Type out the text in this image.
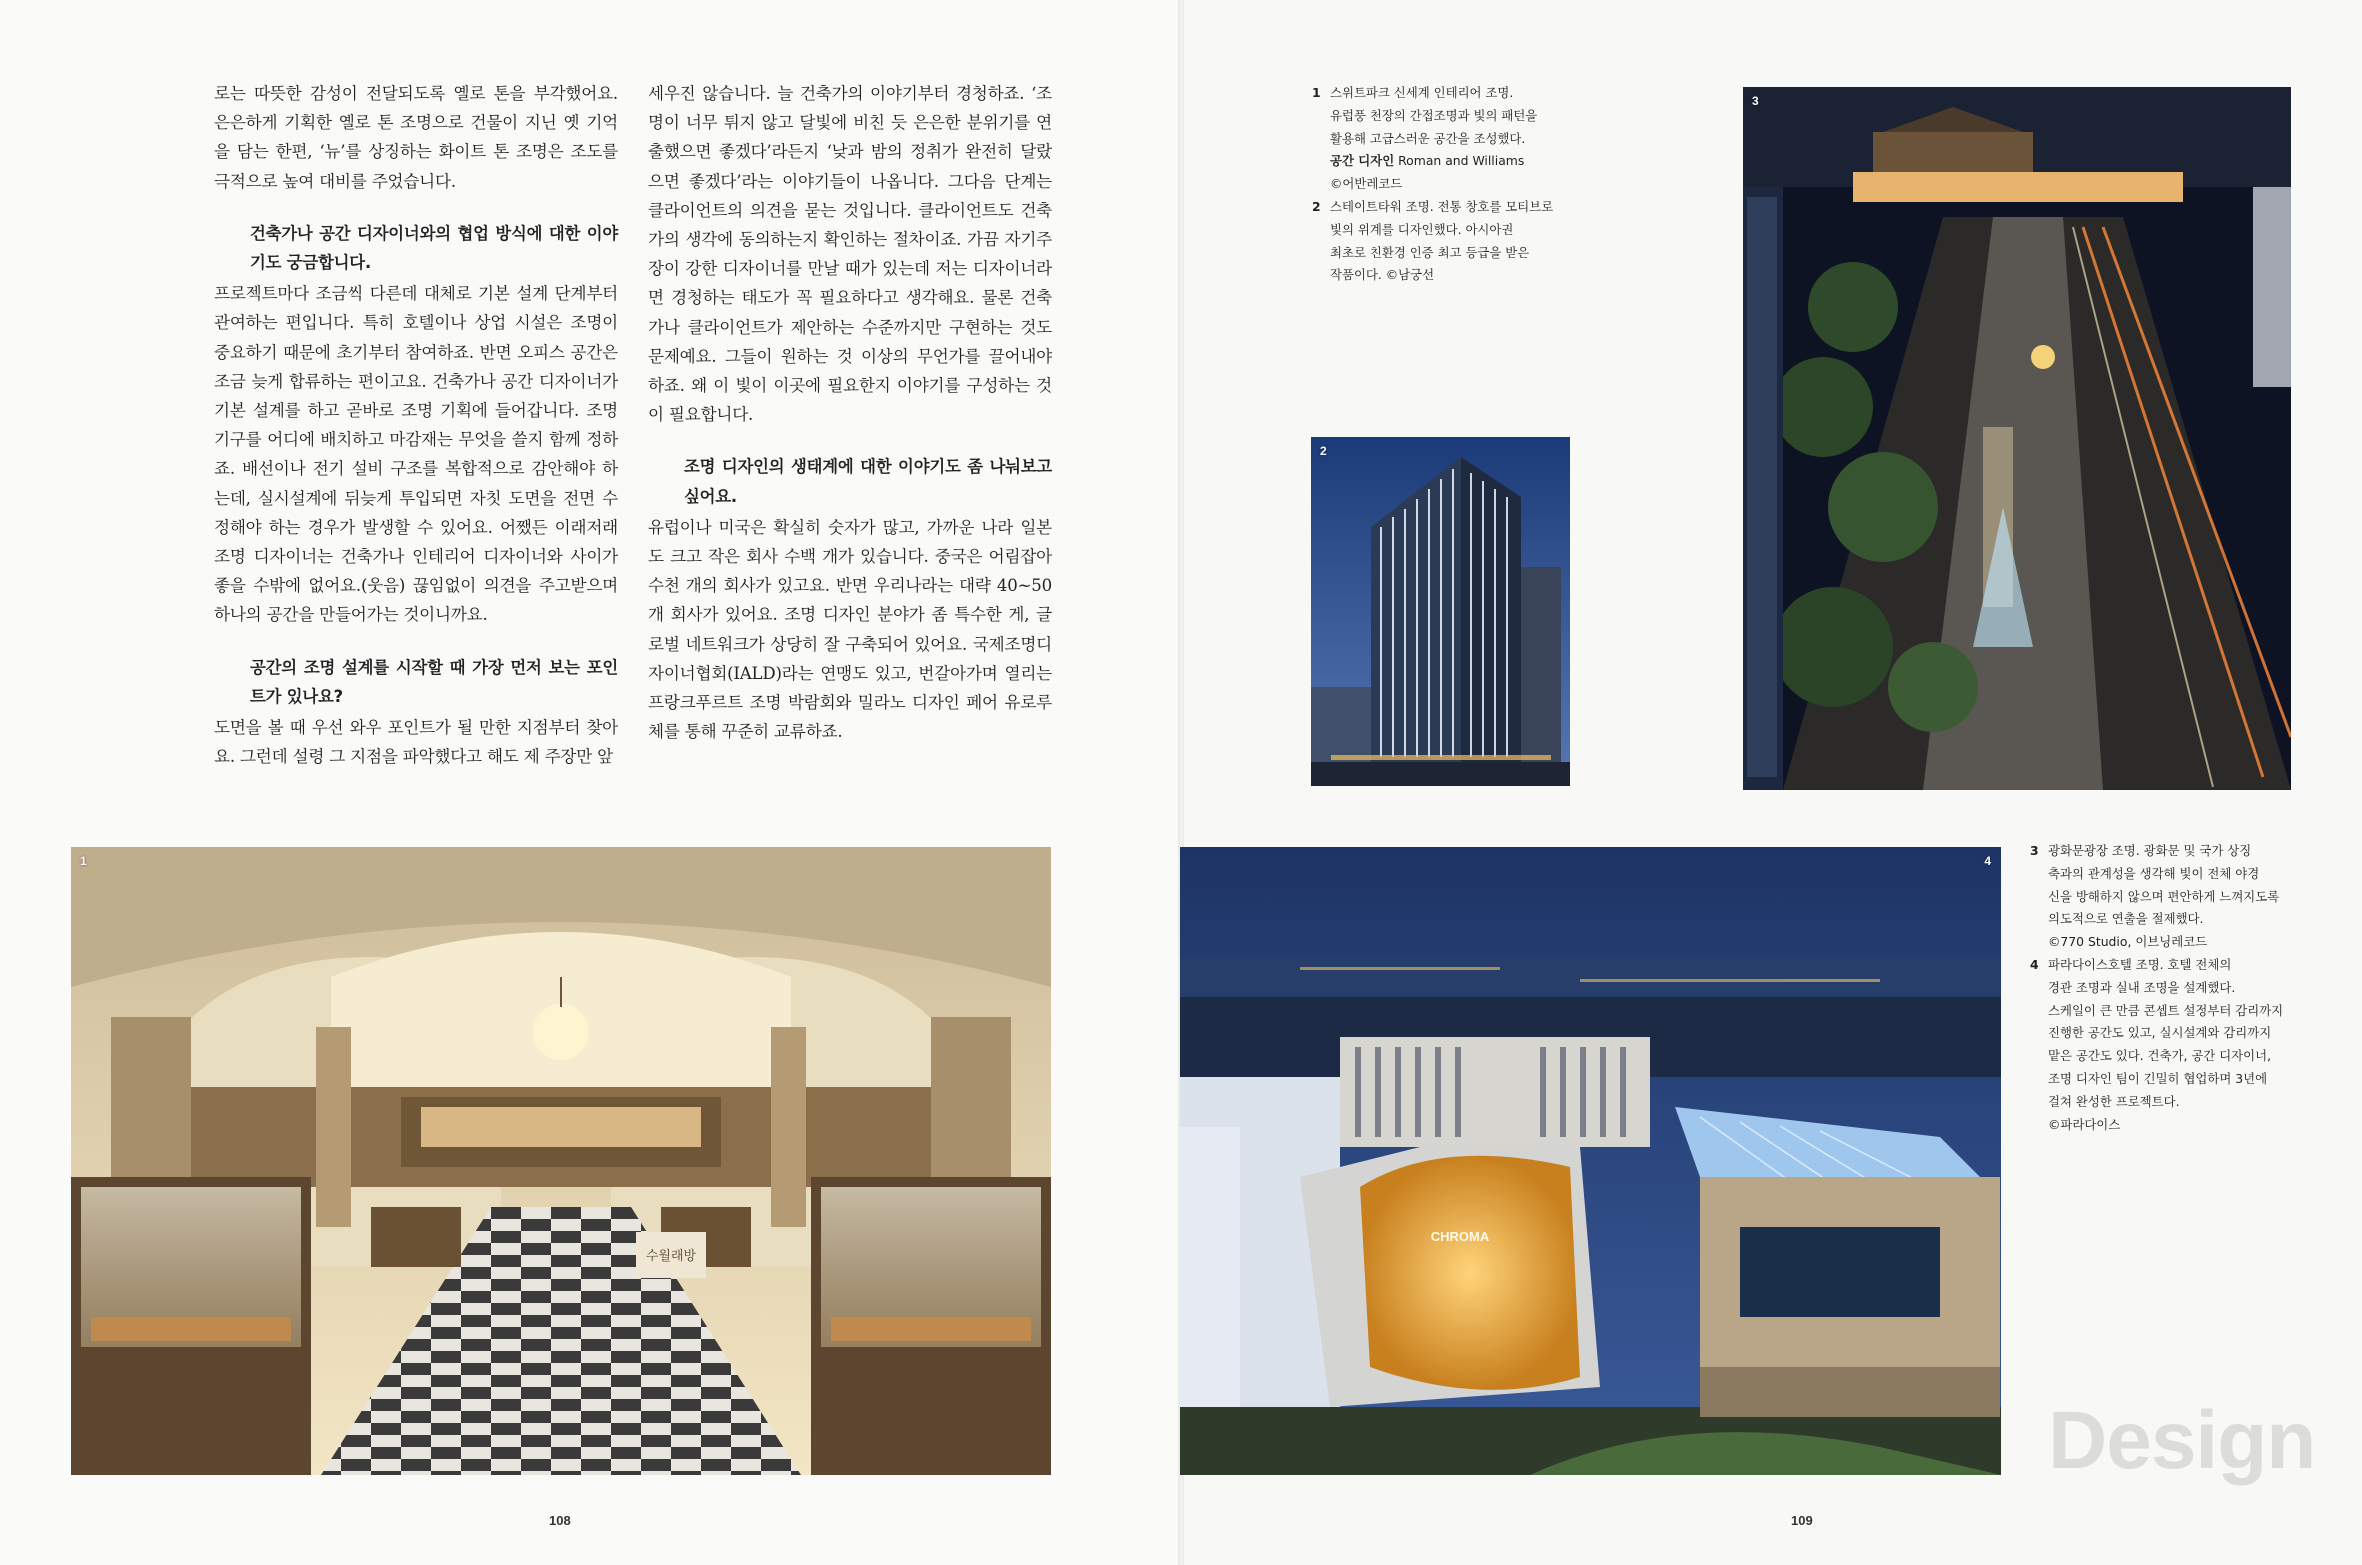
로는 따뜻한 감성이 전달되도록 옐로 톤을 부각했어요. 은은하게 기획한 옐로 톤 조명으로 건물이 지닌 옛 기억을 담는 한편, ‘뉴’를 상징하는 화이트 톤 조명은 조도를 극적으로 높여 대비를 주었습니다.

건축가나 공간 디자이너와의 협업 방식에 대한 이야기도 궁금합니다.

프로젝트마다 조금씩 다른데 대체로 기본 설계 단계부터 관여하는 편입니다. 특히 호텔이나 상업 시설은 조명이 중요하기 때문에 초기부터 참여하죠. 반면 오피스 공간은 조금 늦게 합류하는 편이고요. 건축가나 공간 디자이너가 기본 설계를 하고 곧바로 조명 기획에 들어갑니다. 조명 기구를 어디에 배치하고 마감재는 무엇을 쓸지 함께 정하죠. 배선이나 전기 설비 구조를 복합적으로 감안해야 하는데, 실시설계에 뒤늦게 투입되면 자칫 도면을 전면 수정해야 하는 경우가 발생할 수 있어요. 어쨌든 이래저래 조명 디자이너는 건축가나 인테리어 디자이너와 사이가 좋을 수밖에 없어요.(웃음) 끊임없이 의견을 주고받으며 하나의 공간을 만들어가는 것이니까요.

공간의 조명 설계를 시작할 때 가장 먼저 보는 포인트가 있나요?

도면을 볼 때 우선 와우 포인트가 될 만한 지점부터 찾아요. 그런데 설령 그 지점을 파악했다고 해도 제 주장만 앞

세우진 않습니다. 늘 건축가의 이야기부터 경청하죠. ‘조명이 너무 튀지 않고 달빛에 비친 듯 은은한 분위기를 연출했으면 좋겠다’라든지 ‘낮과 밤의 정취가 완전히 달랐으면 좋겠다’라는 이야기들이 나옵니다. 그다음 단계는 클라이언트의 의견을 묻는 것입니다. 클라이언트도 건축가의 생각에 동의하는지 확인하는 절차이죠. 가끔 자기주장이 강한 디자이너를 만날 때가 있는데 저는 디자이너라면 경청하는 태도가 꼭 필요하다고 생각해요. 물론 건축가나 클라이언트가 제안하는 수준까지만 구현하는 것도 문제예요. 그들이 원하는 것 이상의 무언가를 끌어내야 하죠. 왜 이 빛이 이곳에 필요한지 이야기를 구성하는 것이 필요합니다.

조명 디자인의 생태계에 대한 이야기도 좀 나눠보고 싶어요.

유럽이나 미국은 확실히 숫자가 많고, 가까운 나라 일본도 크고 작은 회사 수백 개가 있습니다. 중국은 어림잡아 수천 개의 회사가 있고요. 반면 우리나라는 대략 40~50개 회사가 있어요. 조명 디자인 분야가 좀 특수한 게, 글로벌 네트워크가 상당히 잘 구축되어 있어요. 국제조명디자이너협회(IALD)라는 연맹도 있고, 번갈아가며 열리는 프랑크푸르트 조명 박람회와 밀라노 디자인 페어 유로루체를 통해 꾸준히 교류하죠.

수월래방
1
108
1 스위트파크 신세계 인테리어 조명.
유럽풍 천장의 간접조명과 빛의 패턴을
활용해 고급스러운 공간을 조성했다.
공간 디자인 Roman and Williams
©어반레코드
2 스테이트타워 조명. 전통 창호를 모티브로
빛의 위계를 디자인했다. 아시아권
최초로 친환경 인증 최고 등급을 받은
작품이다. ©남궁선
2
3
CHROMA
4
3 광화문광장 조명. 광화문 및 국가 상징
축과의 관계성을 생각해 빛이 전체 야경
신을 방해하지 않으며 편안하게 느껴지도록
의도적으로 연출을 절제했다.
©770 Studio, 이브닝레코드
4 파라다이스호텔 조명. 호텔 전체의
경관 조명과 실내 조명을 설계했다.
스케일이 큰 만큼 콘셉트 설정부터 감리까지
진행한 공간도 있고, 실시설계와 감리까지
맡은 공간도 있다. 건축가, 공간 디자이너,
조명 디자인 팀이 긴밀히 협업하며 3년에
걸쳐 완성한 프로젝트다.
©파라다이스
Design
109
